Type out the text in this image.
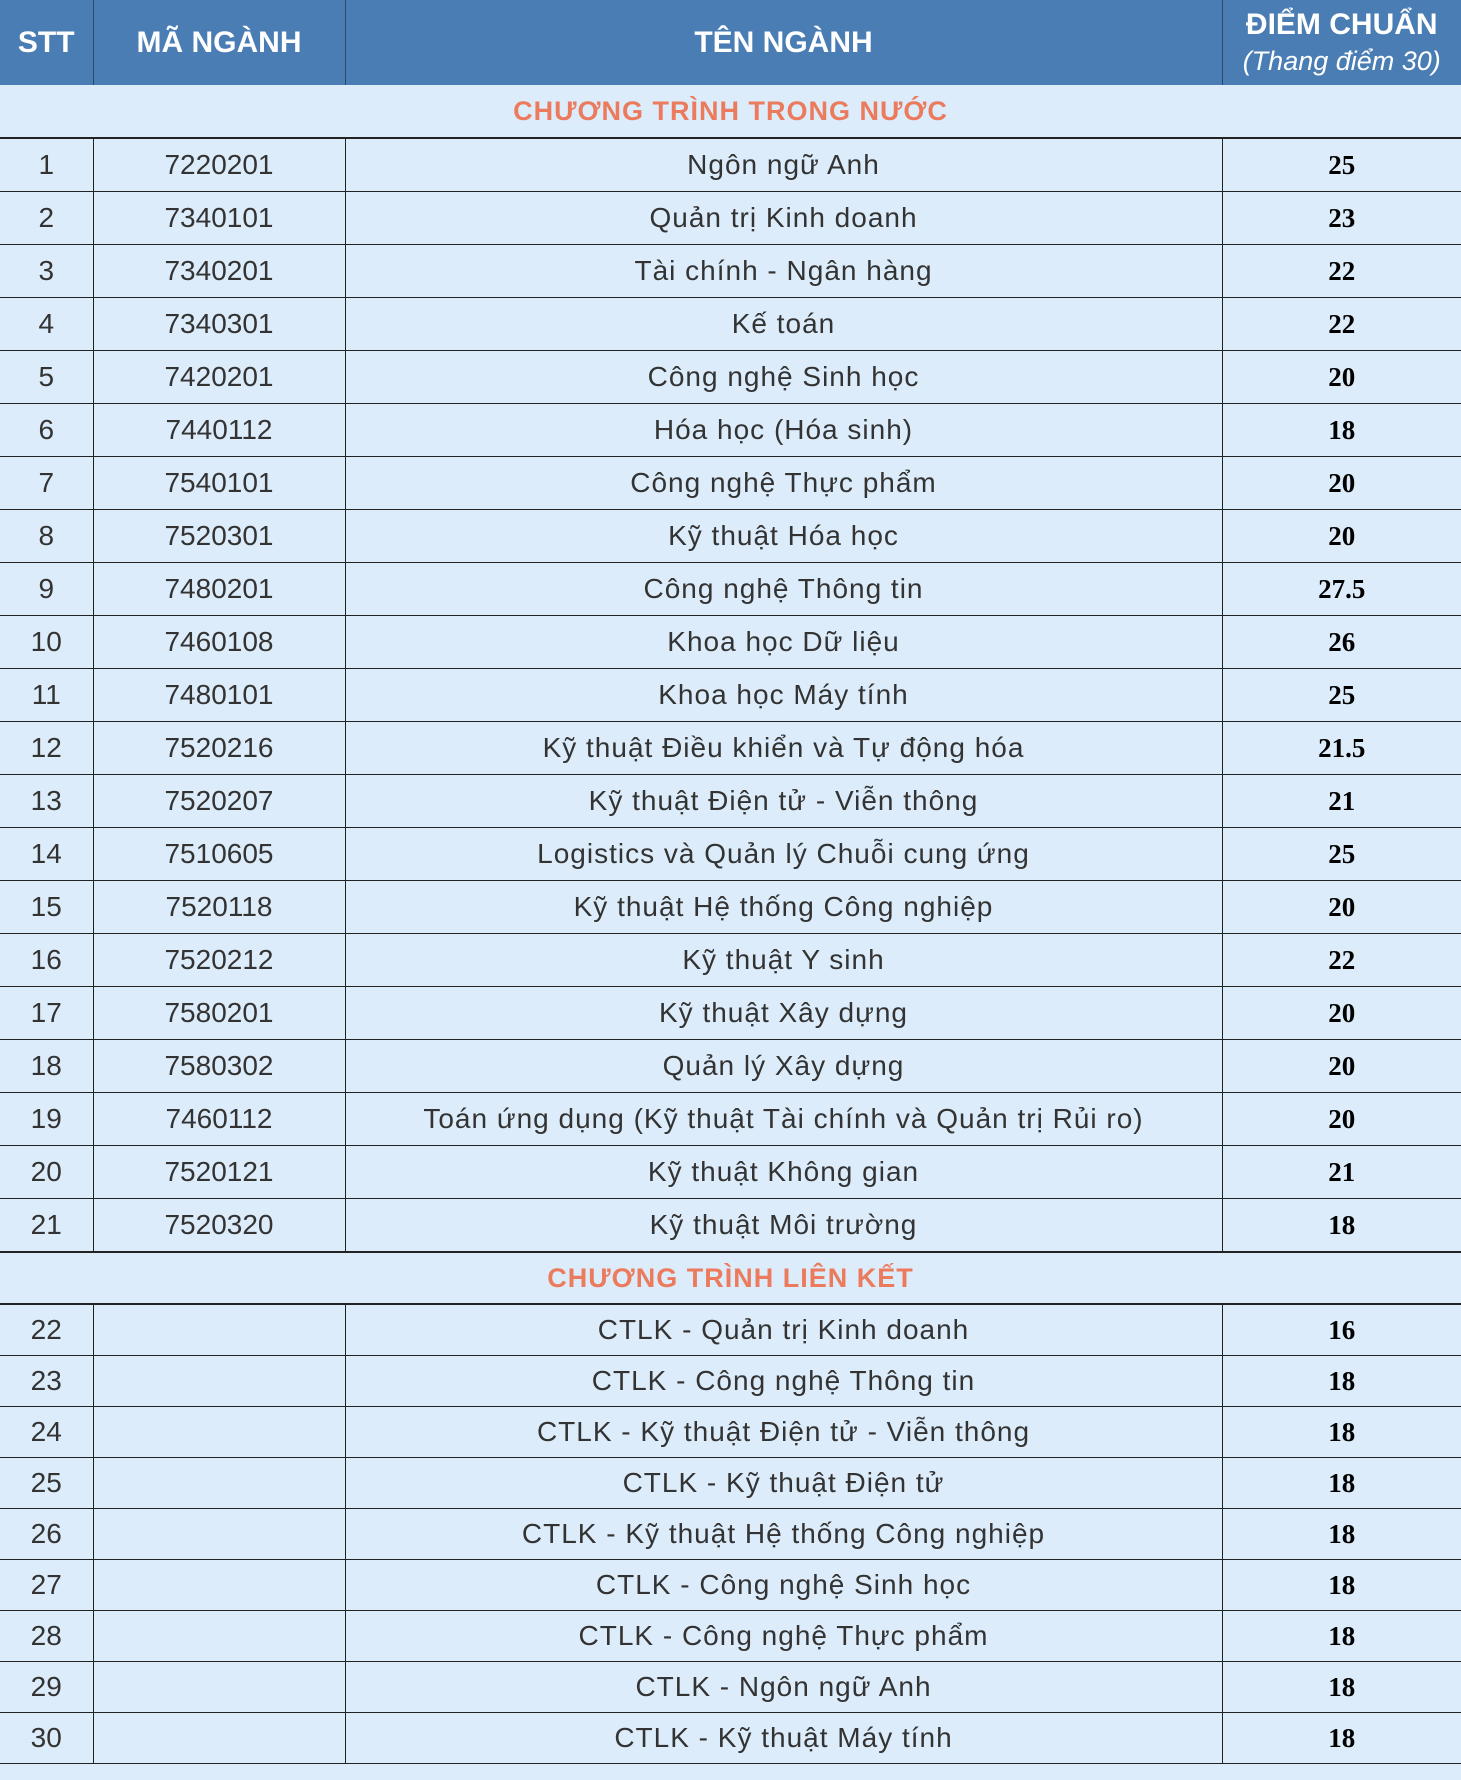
STT	MÃ NGÀNH	TÊN NGÀNH	ĐIỂM CHUẨN
(Thang điểm 30)

CHƯƠNG TRÌNH TRONG NƯỚC			
1	7220201	Ngôn ngữ Anh	25
2	7340101	Quản trị Kinh doanh	23
3	7340201	Tài chính - Ngân hàng	22
4	7340301	Kế toán	22
5	7420201	Công nghệ Sinh học	20
6	7440112	Hóa học (Hóa sinh)	18
7	7540101	Công nghệ Thực phẩm	20
8	7520301	Kỹ thuật Hóa học	20
9	7480201	Công nghệ Thông tin	27.5
10	7460108	Khoa học Dữ liệu	26
11	7480101	Khoa học Máy tính	25
12	7520216	Kỹ thuật Điều khiển và Tự động hóa	21.5
13	7520207	Kỹ thuật Điện tử - Viễn thông	21
14	7510605	Logistics và Quản lý Chuỗi cung ứng	25
15	7520118	Kỹ thuật Hệ thống Công nghiệp	20
16	7520212	Kỹ thuật Y sinh	22
17	7580201	Kỹ thuật Xây dựng	20
18	7580302	Quản lý Xây dựng	20
19	7460112	Toán ứng dụng (Kỹ thuật Tài chính và Quản trị Rủi ro)	20
20	7520121	Kỹ thuật Không gian	21
21	7520320	Kỹ thuật Môi trường	18
CHƯƠNG TRÌNH LIÊN KẾT			
22		CTLK - Quản trị Kinh doanh	16
23		CTLK - Công nghệ Thông tin	18
24		CTLK - Kỹ thuật Điện tử - Viễn thông	18
25		CTLK - Kỹ thuật Điện tử	18
26		CTLK - Kỹ thuật Hệ thống Công nghiệp	18
27		CTLK - Công nghệ Sinh học	18
28		CTLK - Công nghệ Thực phẩm	18
29		CTLK - Ngôn ngữ Anh	18
30		CTLK - Kỹ thuật Máy tính	18
